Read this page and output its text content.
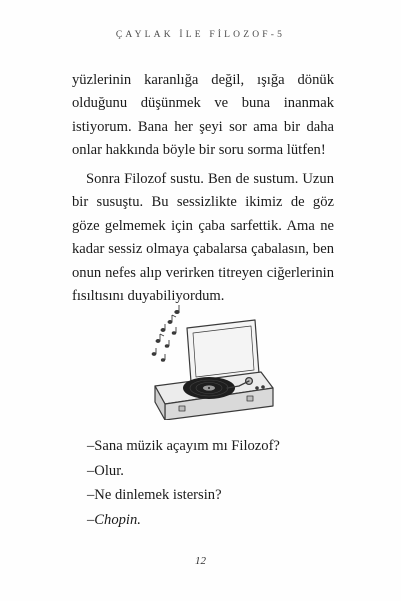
ÇAYLAK İLE FİLOZOF-5

yüzlerinin karanlığa değil, ışığa dönük olduğunu düşünmek ve buna inanmak istiyorum. Bana her şeyi sor ama bir daha onlar hakkında böyle bir soru sorma lütfen!

Sonra Filozof sustu. Ben de sustum. Uzun bir susuştu. Bu sessizlikte ikimiz de göz göze gelmemek için çaba sarfettik. Ama ne kadar sessiz olmaya çabalarsa çabalasın, ben onun nefes alıp verirken titreyen ciğerlerinin fısıltısını duyabiliyordum.

–Sana müzik açayım mı Filozof?
–Olur.
–Ne dinlemek istersin?
–Chopin.
12
